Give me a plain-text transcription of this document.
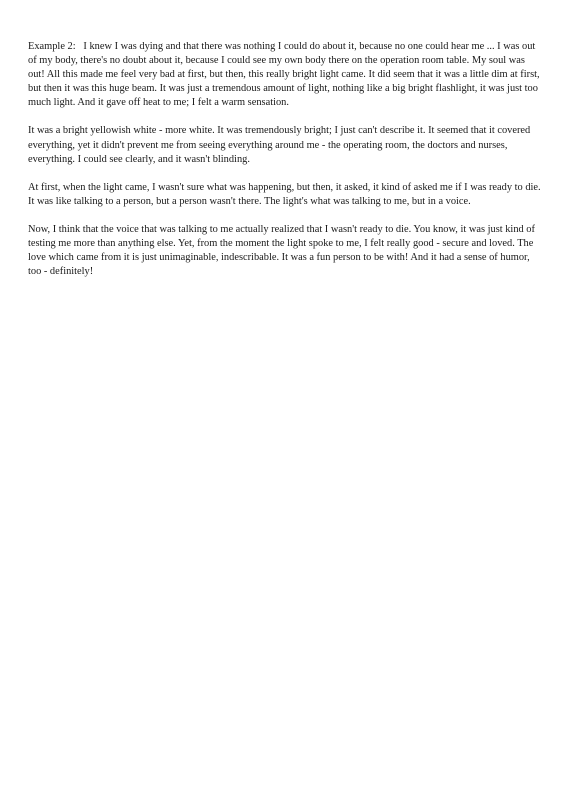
Example 2:   I knew I was dying and that there was nothing I could do about it, because no one could hear me ... I was out of my body, there's no doubt about it, because I could see my own body there on the operation room table. My soul was out! All this made me feel very bad at first, but then, this really bright light came. It did seem that it was a little dim at first, but then it was this huge beam. It was just a tremendous amount of light, nothing like a big bright flashlight, it was just too much light. And it gave off heat to me; I felt a warm sensation.

It was a bright yellowish white - more white. It was tremendously bright; I just can't describe it. It seemed that it covered everything, yet it didn't prevent me from seeing everything around me - the operating room, the doctors and nurses, everything. I could see clearly, and it wasn't blinding.

At first, when the light came, I wasn't sure what was happening, but then, it asked, it kind of asked me if I was ready to die. It was like talking to a person, but a person wasn't there. The light's what was talking to me, but in a voice.

Now, I think that the voice that was talking to me actually realized that I wasn't ready to die. You know, it was just kind of testing me more than anything else. Yet, from the moment the light spoke to me, I felt really good - secure and loved. The love which came from it is just unimaginable, indescribable. It was a fun person to be with! And it had a sense of humor, too - definitely!
